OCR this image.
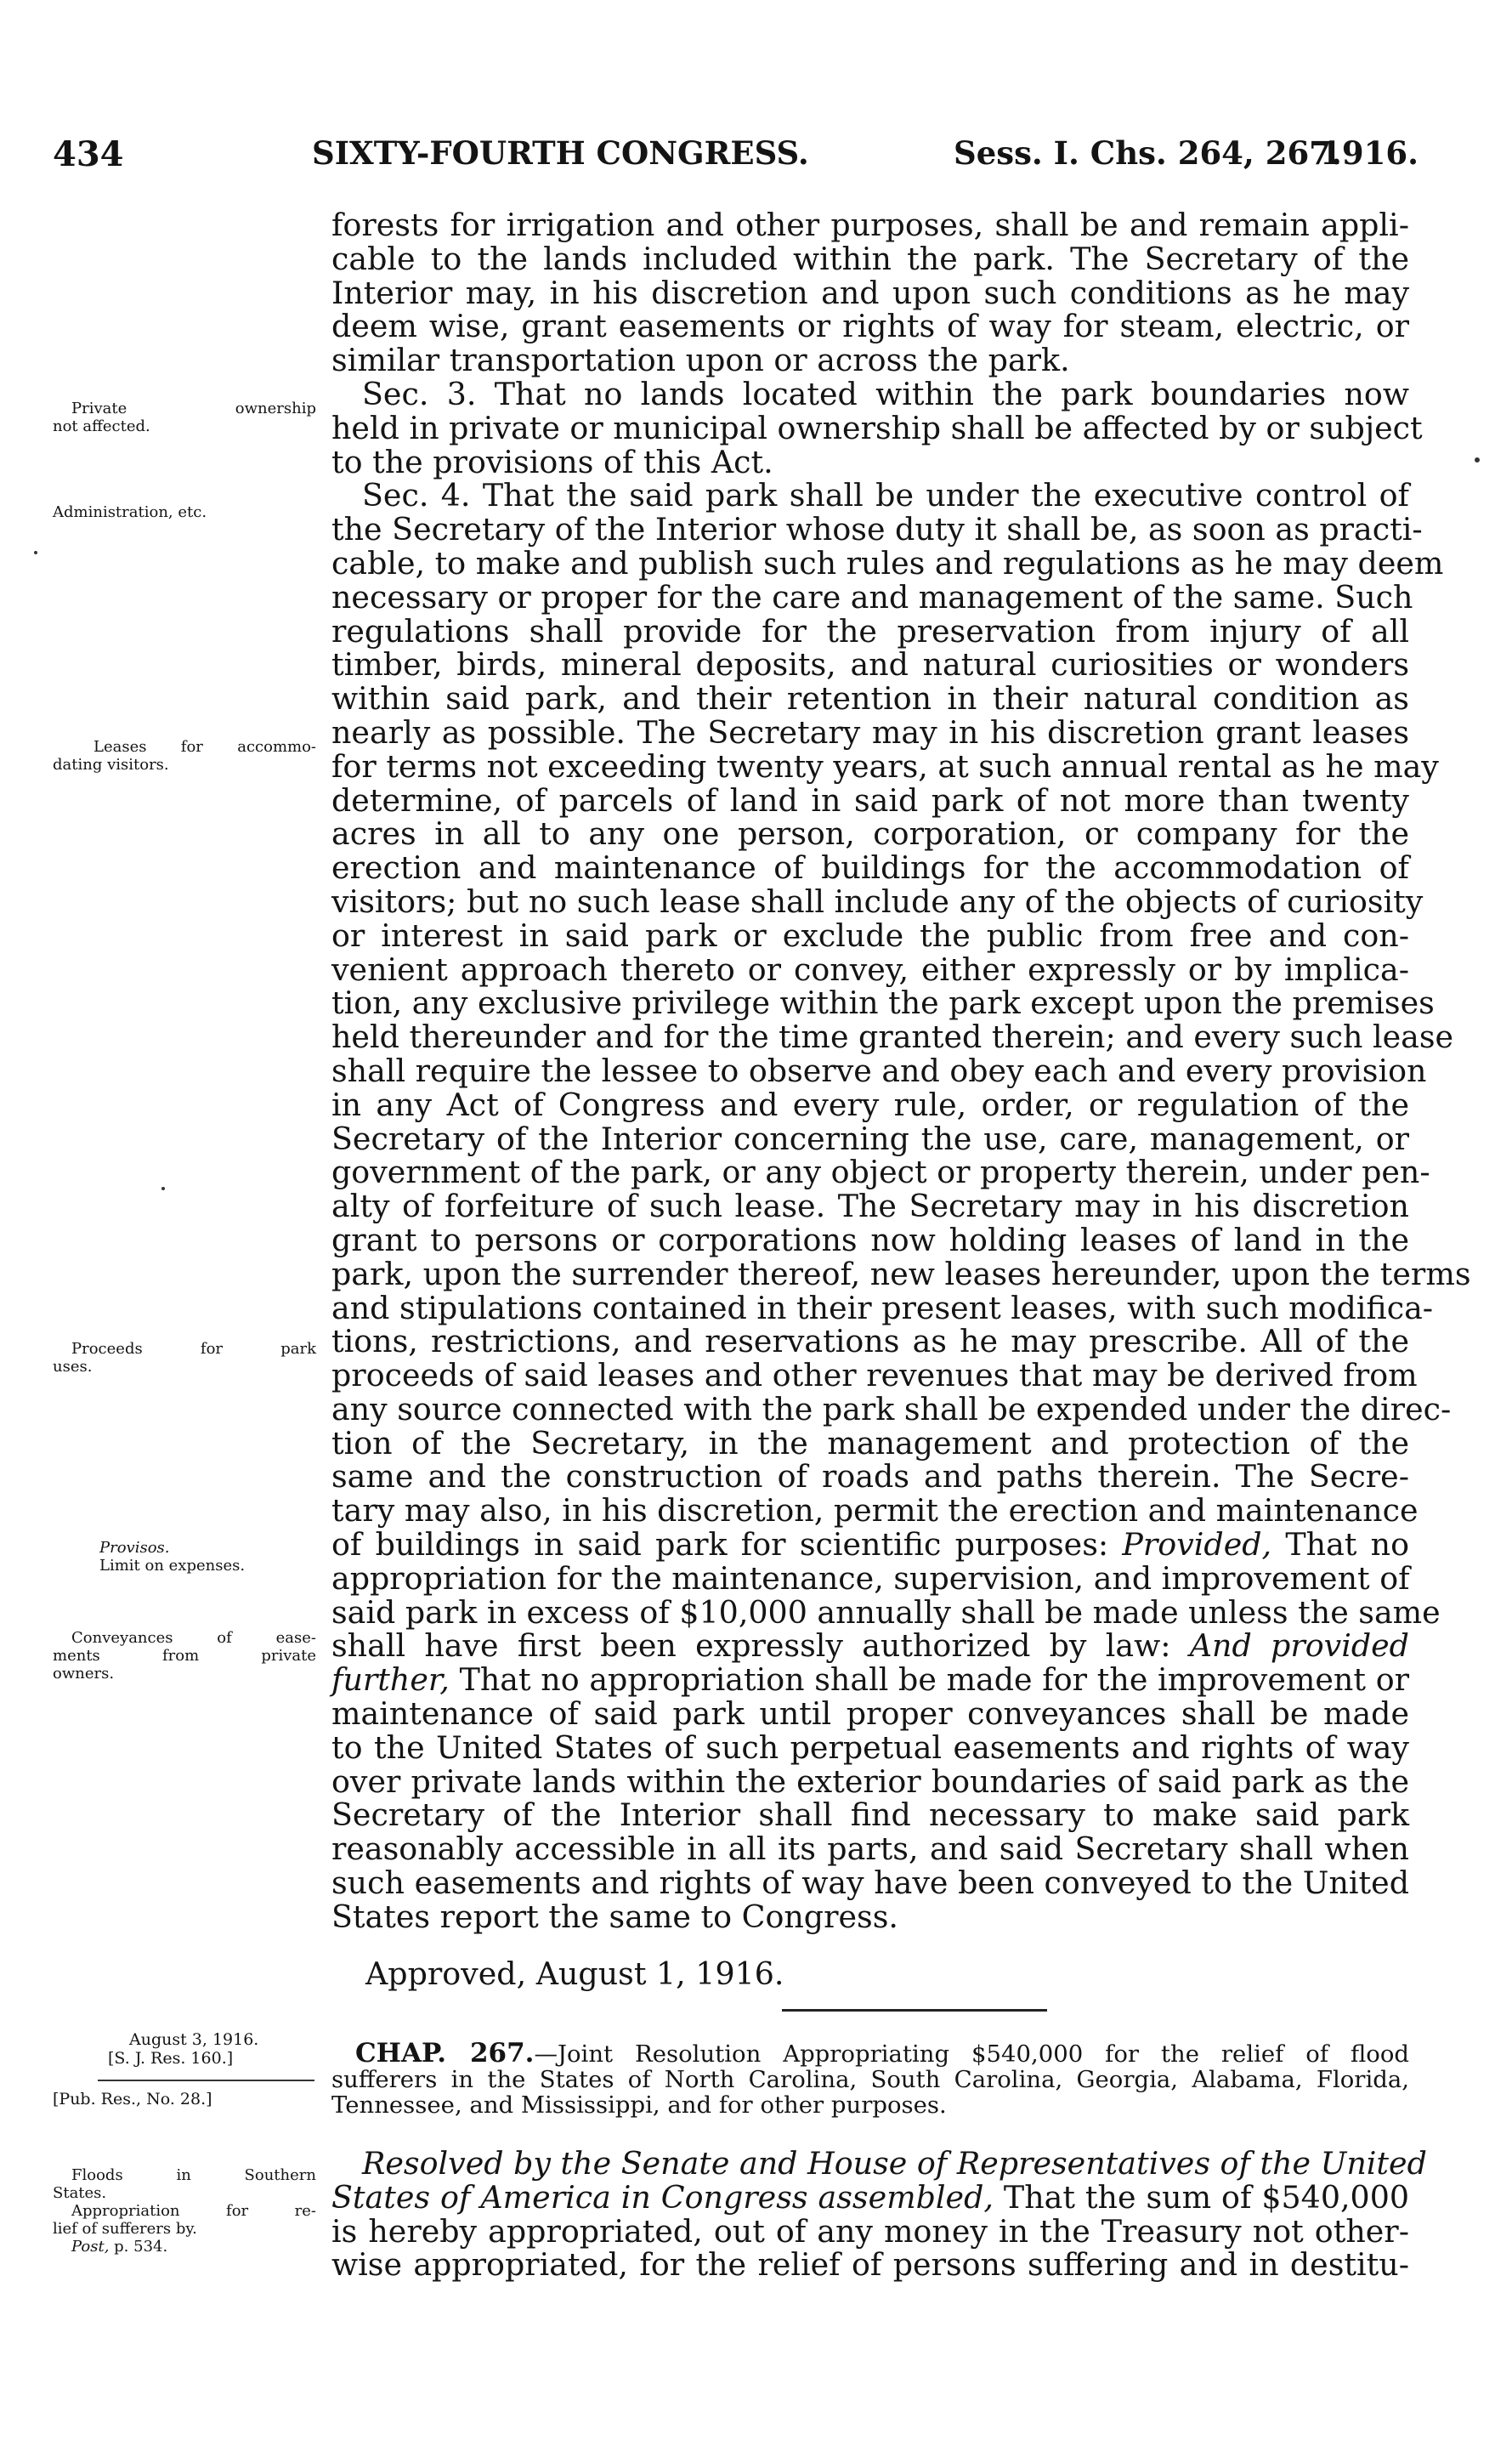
434	SIXTY-FOURTH CONGRESS.	Sess. I. Chs. 264, 267.
1916.
forests for irrigation and other purposes, shall be and remain appli-
cable to the lands included within the park. The Secretary of the
Interior may, in his discretion and upon such conditions as he may
deem wise, grant easements or rights of way for steam, electric, or
similar transportation upon or across the park.
Sec. 3. That no lands located within the park boundaries now
held in private or municipal ownership shall be affected by or subject
to the provisions of this Act.
Sec. 4. That the said park shall be under the executive control of
the Secretary of the Interior whose duty it shall be, as soon as practi-
cable, to make and publish such rules and regulations as he may deem
necessary or proper for the care and management of the same. Such
regulations shall provide for the preservation from injury of all
timber, birds, mineral deposits, and natural curiosities or wonders
within said park, and their retention in their natural condition as
nearly as possible. The Secretary may in his discretion grant leases
for terms not exceeding twenty years, at such annual rental as he may
determine, of parcels of land in said park of not more than twenty
acres in all to any one person, corporation, or company for the
erection and maintenance of buildings for the accommodation of
visitors; but no such lease shall include any of the objects of curiosity
or interest in said park or exclude the public from free and con-
venient approach thereto or convey, either expressly or by implica-
tion, any exclusive privilege within the park except upon the premises
held thereunder and for the time granted therein; and every such lease
shall require the lessee to observe and obey each and every provision
in any Act of Congress and every rule, order, or regulation of the
Secretary of the Interior concerning the use, care, management, or
government of the park, or any object or property therein, under pen-
alty of forfeiture of such lease. The Secretary may in his discretion
grant to persons or corporations now holding leases of land in the
park, upon the surrender thereof, new leases hereunder, upon the terms
and stipulations contained in their present leases, with such modifica-
tions, restrictions, and reservations as he may prescribe. All of the
proceeds of said leases and other revenues that may be derived from
any source connected with the park shall be expended under the direc-
tion of the Secretary, in the management and protection of the
same and the construction of roads and paths therein. The Secre-
tary may also, in his discretion, permit the erection and maintenance
of buildings in said park for scientific purposes: Provided, That no
appropriation for the maintenance, supervision, and improvement of
said park in excess of $10,000 annually shall be made unless the same
shall have first been expressly authorized by law: And provided
further, That no appropriation shall be made for the improvement or
maintenance of said park until proper conveyances shall be made
to the United States of such perpetual easements and rights of way
over private lands within the exterior boundaries of said park as the
Secretary of the Interior shall find necessary to make said park
reasonably accessible in all its parts, and said Secretary shall when
such easements and rights of way have been conveyed to the United
States report the same to Congress.
Approved, August 1, 1916.
Private ownership
not affected.
Administration, etc.
Leases for accommo-
dating visitors.
Proceeds for park
uses.
Provisos.
Limit on expenses.
Conveyances of ease-
ments from private
owners.
Floods in Southern
States.
Appropriation for re-
lief of sufferers by.
Post, p. 534.
August 3, 1916.
[S. J. Res. 160.]
[Pub. Res., No. 28.]
CHAP. 267.—Joint Resolution Appropriating $540,000 for the relief of flood
sufferers in the States of North Carolina, South Carolina, Georgia, Alabama, Florida,
Tennessee, and Mississippi, and for other purposes.
Resolved by the Senate and House of Representatives of the United
States of America in Congress assembled, That the sum of $540,000
is hereby appropriated, out of any money in the Treasury not other-
wise appropriated, for the relief of persons suffering and in destitu-
